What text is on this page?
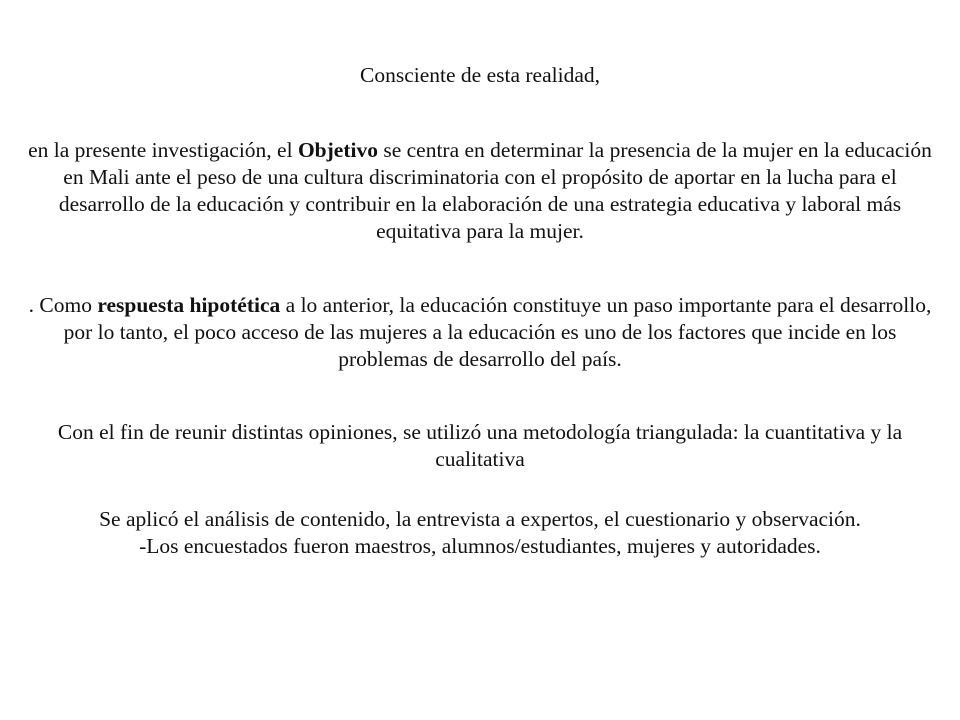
Consciente de esta realidad,

en la presente investigación, el Objetivo se centra en determinar la presencia de la mujer en la educación en Mali ante el peso de una cultura discriminatoria con el propósito de aportar en la lucha para el desarrollo de la educación y contribuir en la elaboración de una estrategia educativa y laboral más equitativa para la mujer.

. Como respuesta hipotética a lo anterior, la educación constituye un paso importante para el desarrollo, por lo tanto, el poco acceso de las mujeres a la educación es uno de los factores que incide en los problemas de desarrollo del país.

Con el fin de reunir distintas opiniones, se utilizó una metodología triangulada: la cuantitativa y la cualitativa

Se aplicó el análisis de contenido, la entrevista a expertos, el cuestionario y observación.

-Los encuestados fueron maestros, alumnos/estudiantes, mujeres y autoridades.
